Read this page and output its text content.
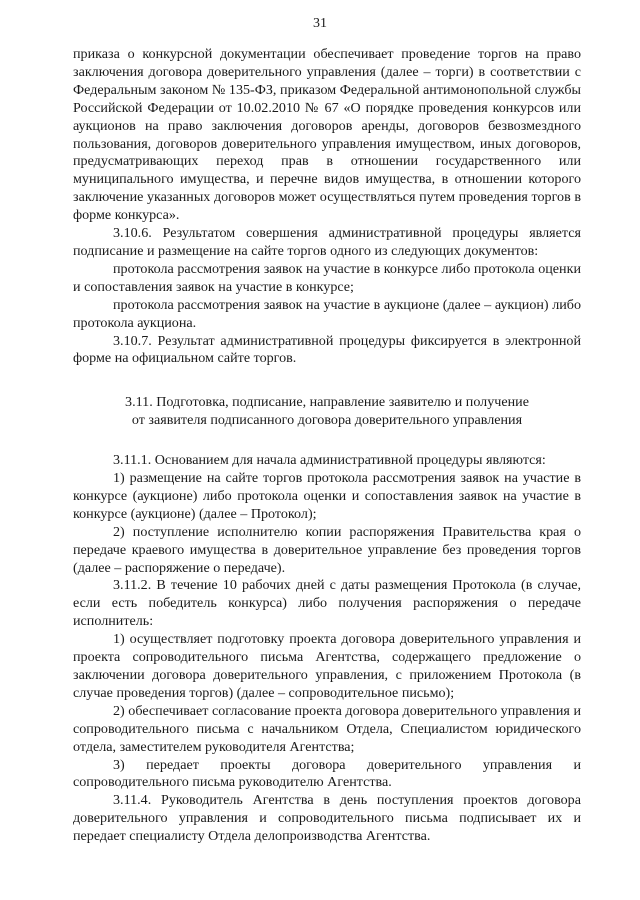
31

приказа о конкурсной документации обеспечивает проведение торгов на право заключения договора доверительного управления (далее – торги) в соответствии с Федеральным законом № 135-ФЗ, приказом Федеральной антимонопольной службы Российской Федерации от 10.02.2010 № 67 «О порядке проведения конкурсов или аукционов на право заключения договоров аренды, договоров безвозмездного пользования, договоров доверительного управления имуществом, иных договоров, предусматривающих переход прав в отношении государственного или муниципального имущества, и перечне видов имущества, в отношении которого заключение указанных договоров может осуществляться путем проведения торгов в форме конкурса».

3.10.6. Результатом совершения административной процедуры является подписание и размещение на сайте торгов одного из следующих документов:

протокола рассмотрения заявок на участие в конкурсе либо протокола оценки и сопоставления заявок на участие в конкурсе;

протокола рассмотрения заявок на участие в аукционе (далее – аукцион) либо протокола аукциона.

3.10.7. Результат административной процедуры фиксируется в электронной форме на официальном сайте торгов.

3.11. Подготовка, подписание, направление заявителю и получение

от заявителя подписанного договора доверительного управления

3.11.1. Основанием для начала административной процедуры являются:

1) размещение на сайте торгов протокола рассмотрения заявок на участие в конкурсе (аукционе) либо протокола оценки и сопоставления заявок на участие в конкурсе (аукционе) (далее – Протокол);

2) поступление исполнителю копии распоряжения Правительства края о передаче краевого имущества в доверительное управление без проведения торгов (далее – распоряжение о передаче).

3.11.2. В течение 10 рабочих дней с даты размещения Протокола (в случае, если есть победитель конкурса) либо получения распоряжения о передаче исполнитель:

1) осуществляет подготовку проекта договора доверительного управления и проекта сопроводительного письма Агентства, содержащего предложение о заключении договора доверительного управления, с приложением Протокола (в случае проведения торгов) (далее – сопроводительное письмо);

2) обеспечивает согласование проекта договора доверительного управления и сопроводительного письма с начальником Отдела, Специалистом юридического отдела, заместителем руководителя Агентства;

3) передает проекты договора доверительного управления и сопроводительного письма руководителю Агентства.

3.11.4. Руководитель Агентства в день поступления проектов договора доверительного управления и сопроводительного письма подписывает их и передает специалисту Отдела делопроизводства Агентства.
